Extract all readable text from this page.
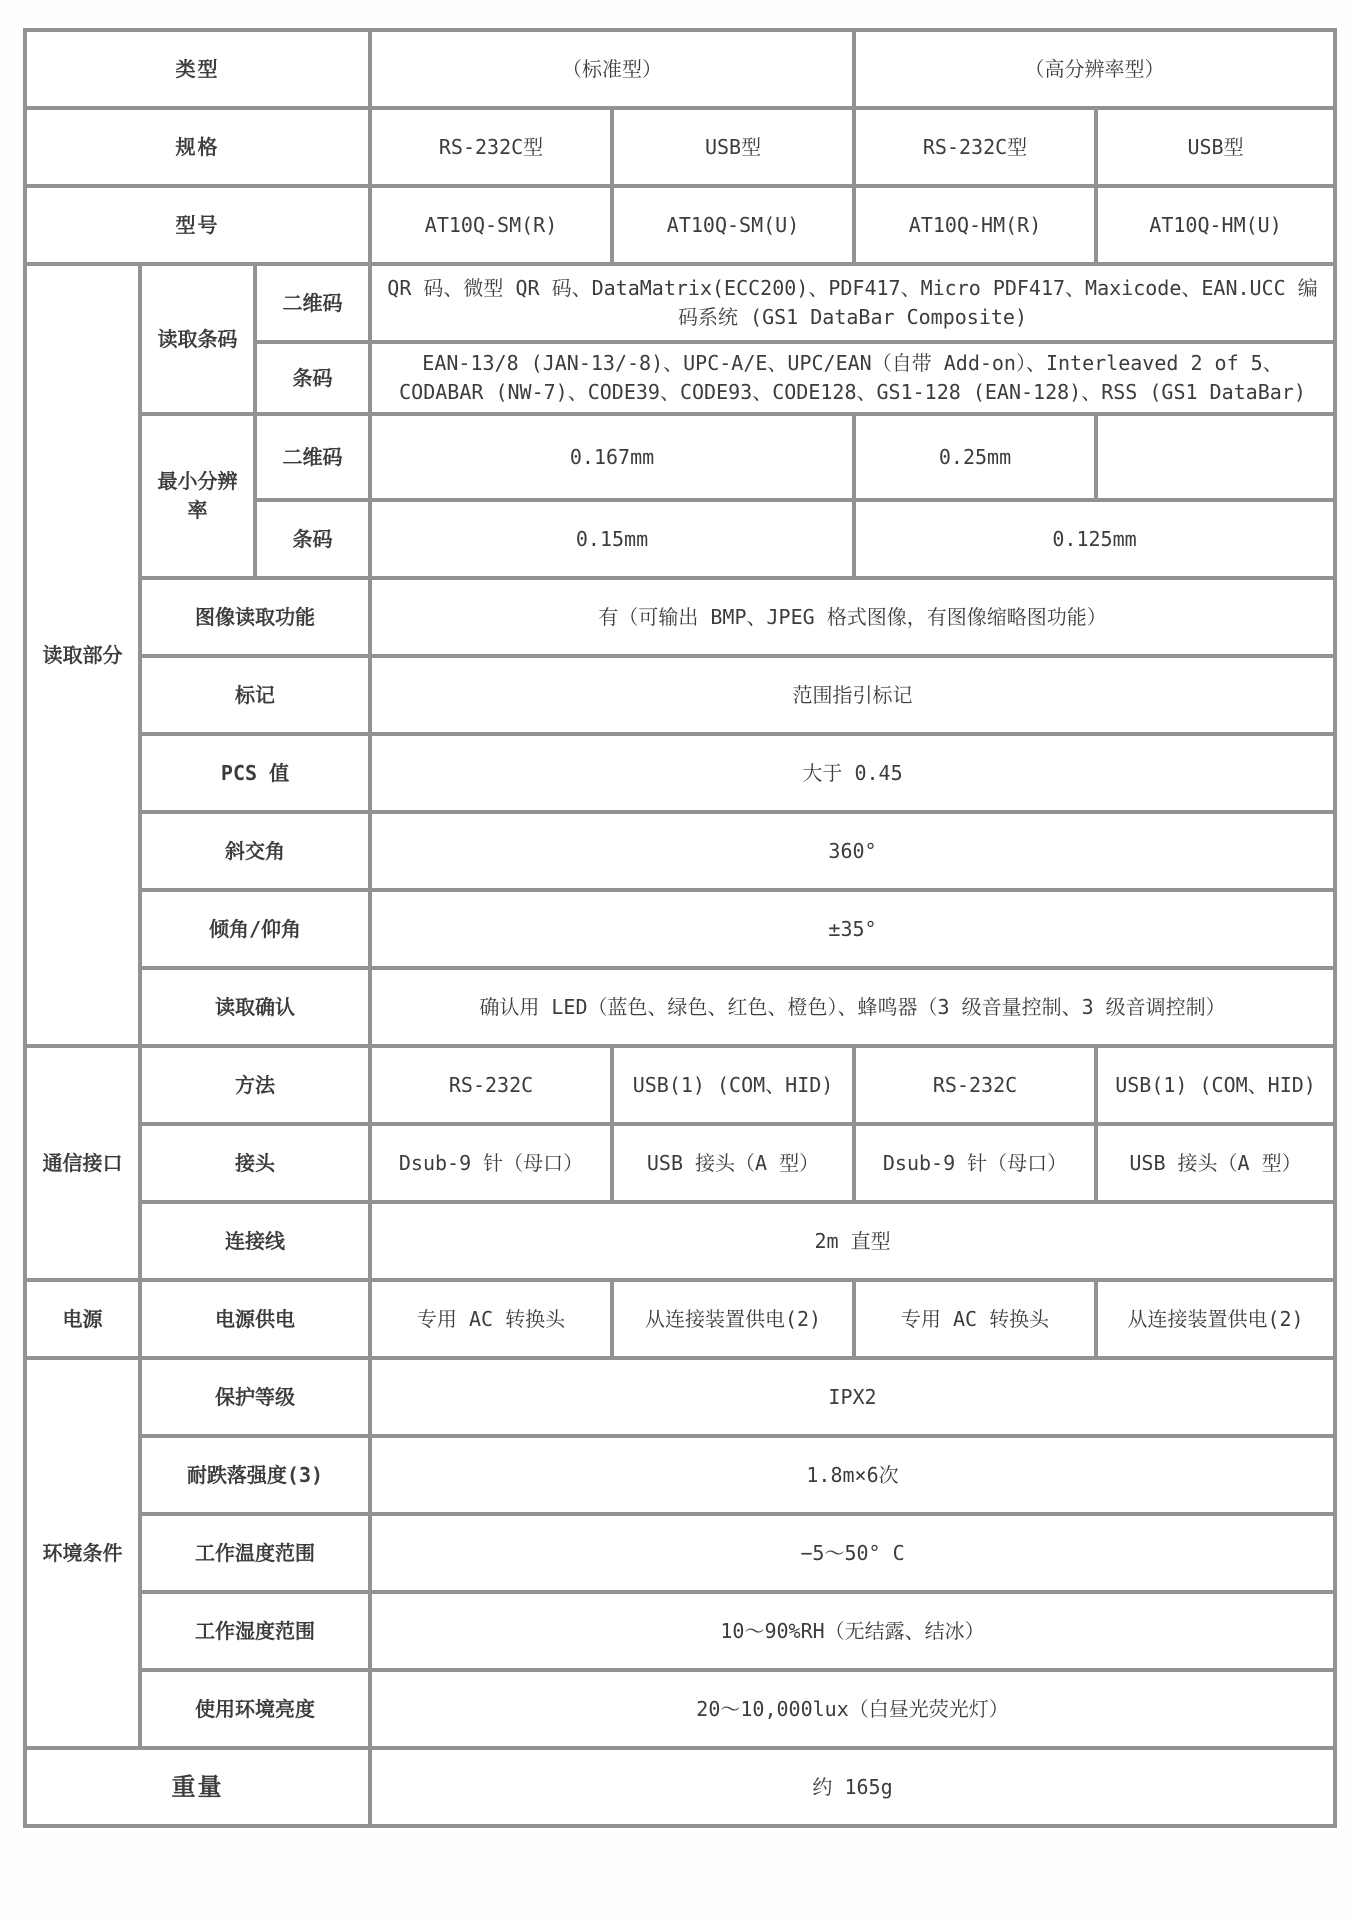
类型			（标准型）		（高分辨率型）	
规格			RS-232C型	USB型	RS-232C型	USB型
型号			AT10Q-SM(R)	AT10Q-SM(U)	AT10Q-HM(R)	AT10Q-HM(U)
读取部分	读取条码	二维码	QR 码、微型 QR 码、DataMatrix(ECC200)、PDF417、Micro PDF417、Maxicode、EAN.UCC 编码系统 (GS1 DataBar Composite)			
		条码	EAN-13/8 (JAN-13/-8)、UPC-A/E、UPC/EAN（自带 Add-on）、Interleaved 2 of 5、 CODABAR (NW-7)、CODE39、CODE93、CODE128、GS1-128 (EAN-128)、RSS (GS1 DataBar)			
	最小分辨率	二维码	0.167mm		0.25mm	
		条码	0.15mm		0.125mm	
	图像读取功能		有（可输出 BMP、JPEG 格式图像，有图像缩略图功能）			
	标记		范围指引标记			
	PCS 值		大于 0.45			
	斜交角		360°			
	倾角/仰角		±35°			
	读取确认		确认用 LED（蓝色、绿色、红色、橙色）、蜂鸣器（3 级音量控制、3 级音调控制）			
通信接口	方法		RS-232C	USB(1) (COM、HID)	RS-232C	USB(1) (COM、HID)
	接头		Dsub-9 针（母口）	USB 接头（A 型）	Dsub-9 针（母口）	USB 接头（A 型）
	连接线		2m 直型			
电源	电源供电		专用 AC 转换头	从连接装置供电(2)	专用 AC 转换头	从连接装置供电(2)
环境条件	保护等级		IPX2			
	耐跌落强度(3)		1.8m×6次			
	工作温度范围		−5～50° C			
	工作湿度范围		10～90%RH（无结露、结冰）			
	使用环境亮度		20～10,000lux（白昼光荧光灯）			
重量			约 165g			
